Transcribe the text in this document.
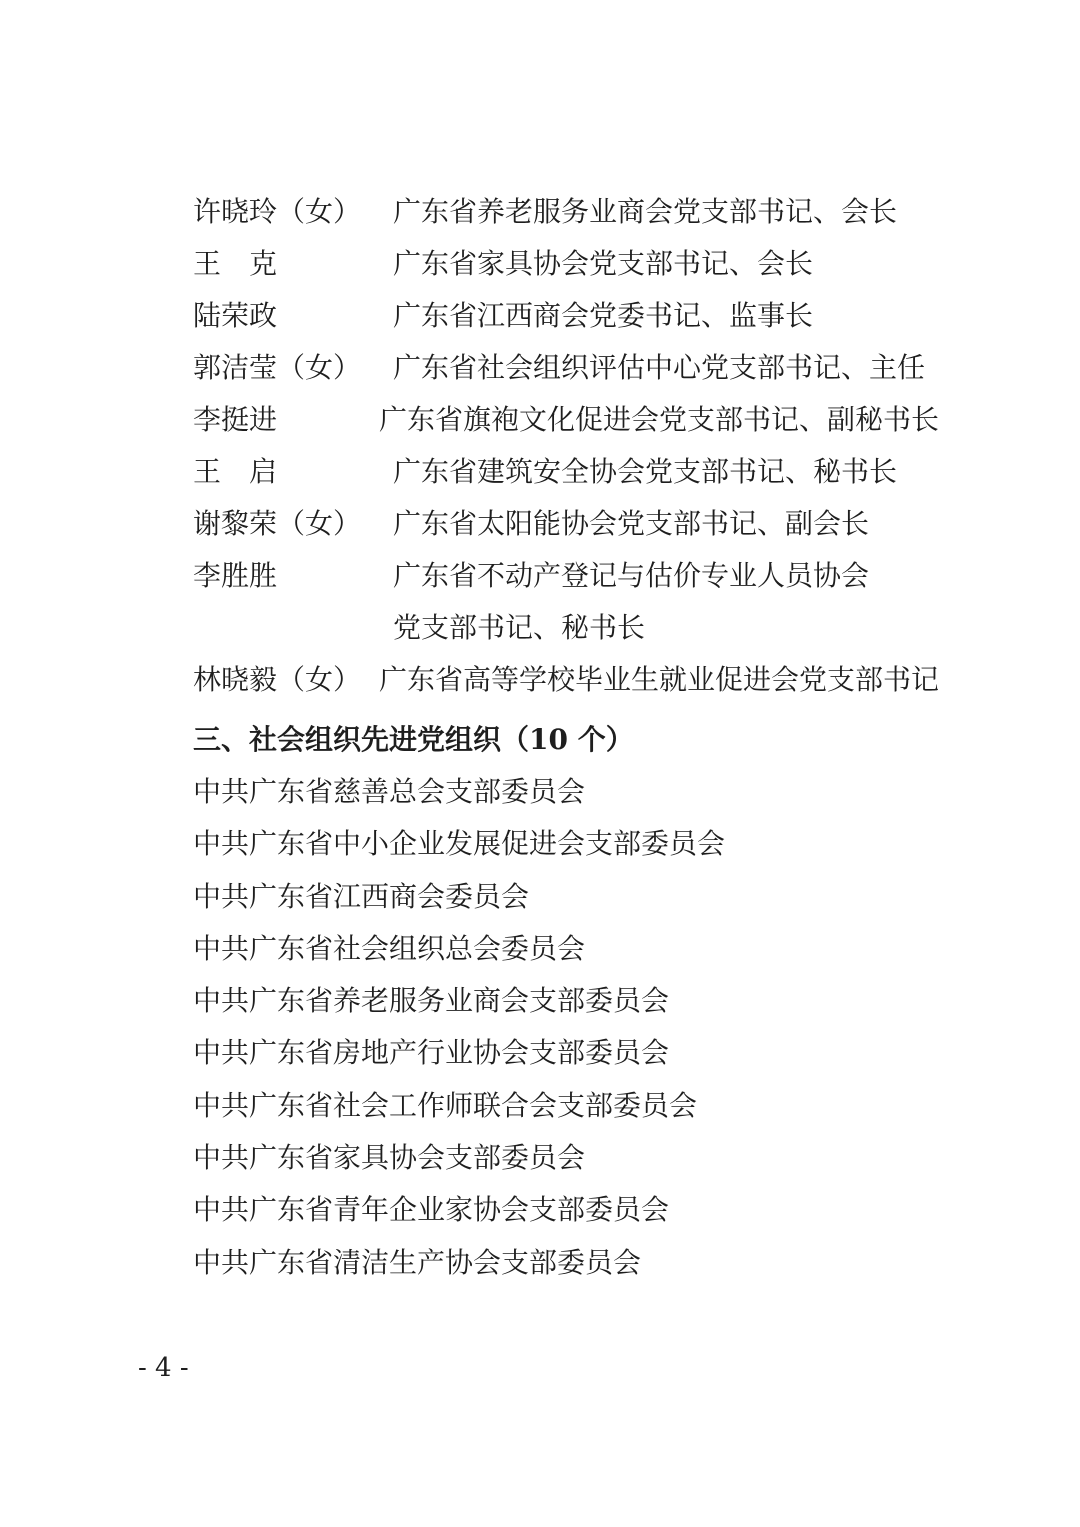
许晓玲（女） 广东省养老服务业商会党支部书记、会长
王　克	广东省家具协会党支部书记、会长
陆荣政	广东省江西商会党委书记、监事长
郭洁莹（女） 广东省社会组织评估中心党支部书记、主任
李挺进	广东省旗袍文化促进会党支部书记、副秘书长
王　启	广东省建筑安全协会党支部书记、秘书长
谢黎荣（女） 广东省太阳能协会党支部书记、副会长
李胜胜	广东省不动产登记与估价专业人员协会
党支部书记、秘书长
林晓毅（女） 广东省高等学校毕业生就业促进会党支部书记
三、社会组织先进党组织（10 个）
中共广东省慈善总会支部委员会
中共广东省中小企业发展促进会支部委员会
中共广东省江西商会委员会
中共广东省社会组织总会委员会
中共广东省养老服务业商会支部委员会
中共广东省房地产行业协会支部委员会
中共广东省社会工作师联合会支部委员会
中共广东省家具协会支部委员会
中共广东省青年企业家协会支部委员会
中共广东省清洁生产协会支部委员会
- 4 -
